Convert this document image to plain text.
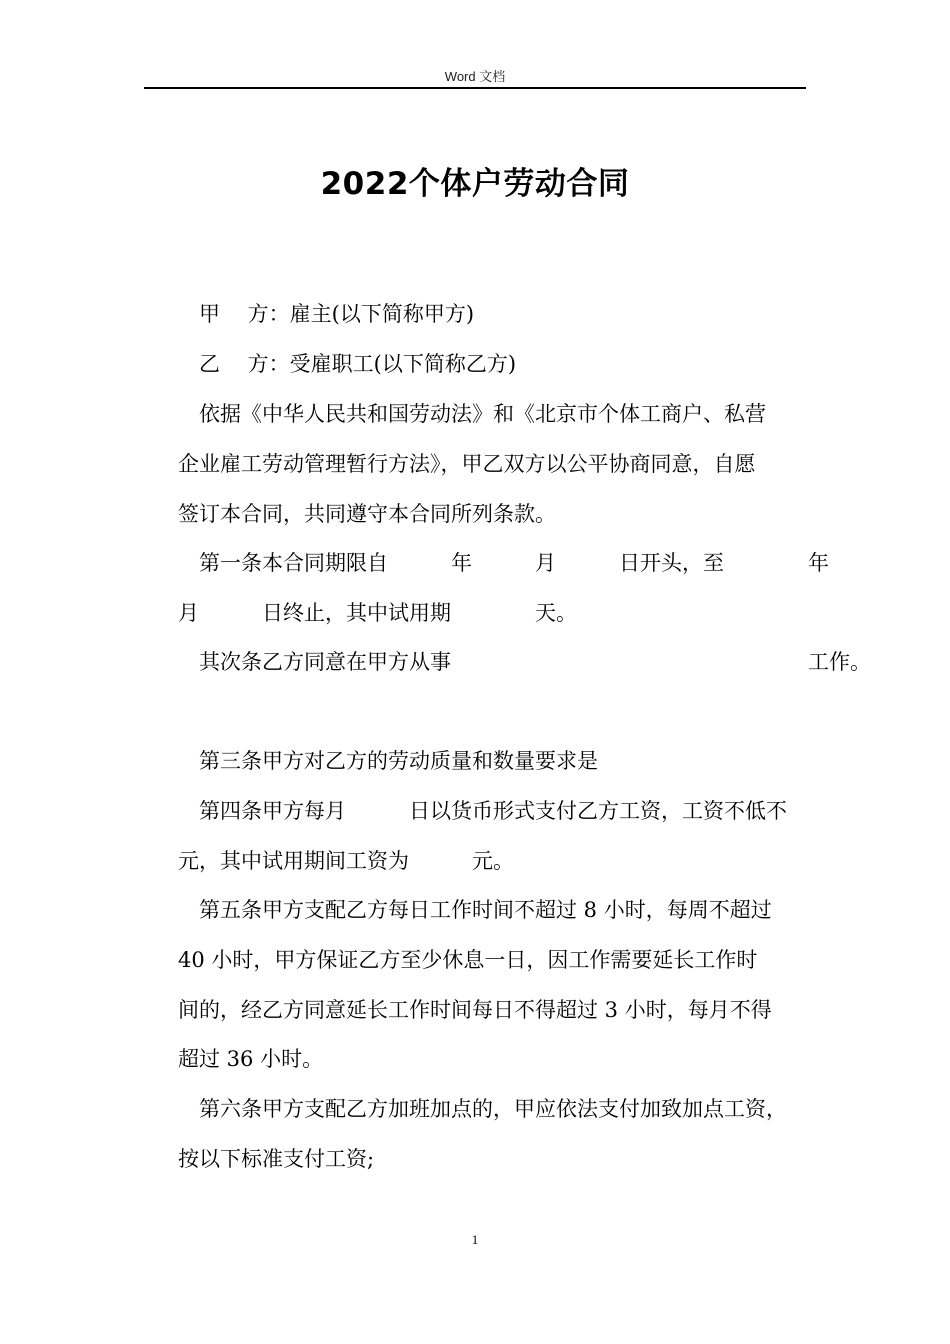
Word 文档
2022个体户劳动合同
甲　 方：雇主(以下简称甲方)
乙　 方：受雇职工(以下简称乙方)
依据《中华人民共和国劳动法》和《北京市个体工商户、私营
企业雇工劳动管理暂行方法》，甲乙双方以公平协商同意，自愿
签订本合同，共同遵守本合同所列条款。
第一条本合同期限自　　　年　　　月　　　日开头，至　　　　年
月　　　日终止，其中试用期　　　　天。
其次条乙方同意在甲方从事　　　　　　　　　　　　　　　　　工作。
第三条甲方对乙方的劳动质量和数量要求是
第四条甲方每月　　　日以货币形式支付乙方工资，工资不低不
元，其中试用期间工资为　　　元。
第五条甲方支配乙方每日工作时间不超过 8 小时，每周不超过
40 小时，甲方保证乙方至少休息一日，因工作需要延长工作时
间的，经乙方同意延长工作时间每日不得超过 3 小时，每月不得
超过 36 小时。
第六条甲方支配乙方加班加点的，甲应依法支付加致加点工资，
按以下标准支付工资;
1
